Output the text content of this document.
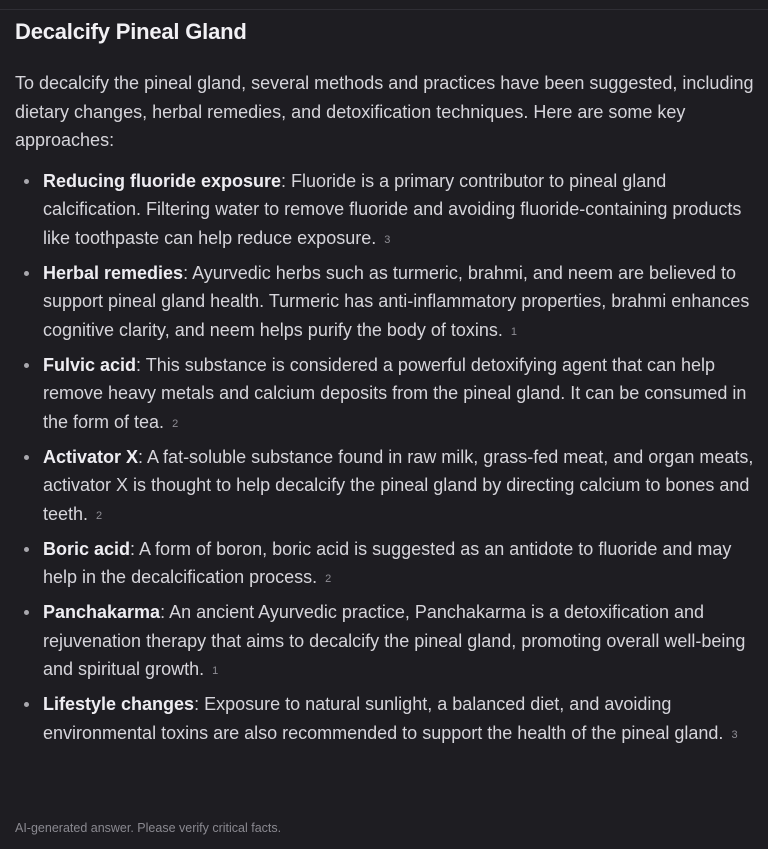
Decalcify Pineal Gland

To decalcify the pineal gland, several methods and practices have been suggested, including dietary changes, herbal remedies, and detoxification techniques. Here are some key approaches:

Reducing fluoride exposure: Fluoride is a primary contributor to pineal gland calcification. Filtering water to remove fluoride and avoiding fluoride-containing products like toothpaste can help reduce exposure. 3
Herbal remedies: Ayurvedic herbs such as turmeric, brahmi, and neem are believed to support pineal gland health. Turmeric has anti-inflammatory properties, brahmi enhances cognitive clarity, and neem helps purify the body of toxins. 1
Fulvic acid: This substance is considered a powerful detoxifying agent that can help remove heavy metals and calcium deposits from the pineal gland. It can be consumed in the form of tea. 2
Activator X: A fat-soluble substance found in raw milk, grass-fed meat, and organ meats, activator X is thought to help decalcify the pineal gland by directing calcium to bones and teeth. 2
Boric acid: A form of boron, boric acid is suggested as an antidote to fluoride and may help in the decalcification process. 2
Panchakarma: An ancient Ayurvedic practice, Panchakarma is a detoxification and rejuvenation therapy that aims to decalcify the pineal gland, promoting overall well-being and spiritual growth. 1
Lifestyle changes: Exposure to natural sunlight, a balanced diet, and avoiding environmental toxins are also recommended to support the health of the pineal gland. 3
AI-generated answer. Please verify critical facts.
